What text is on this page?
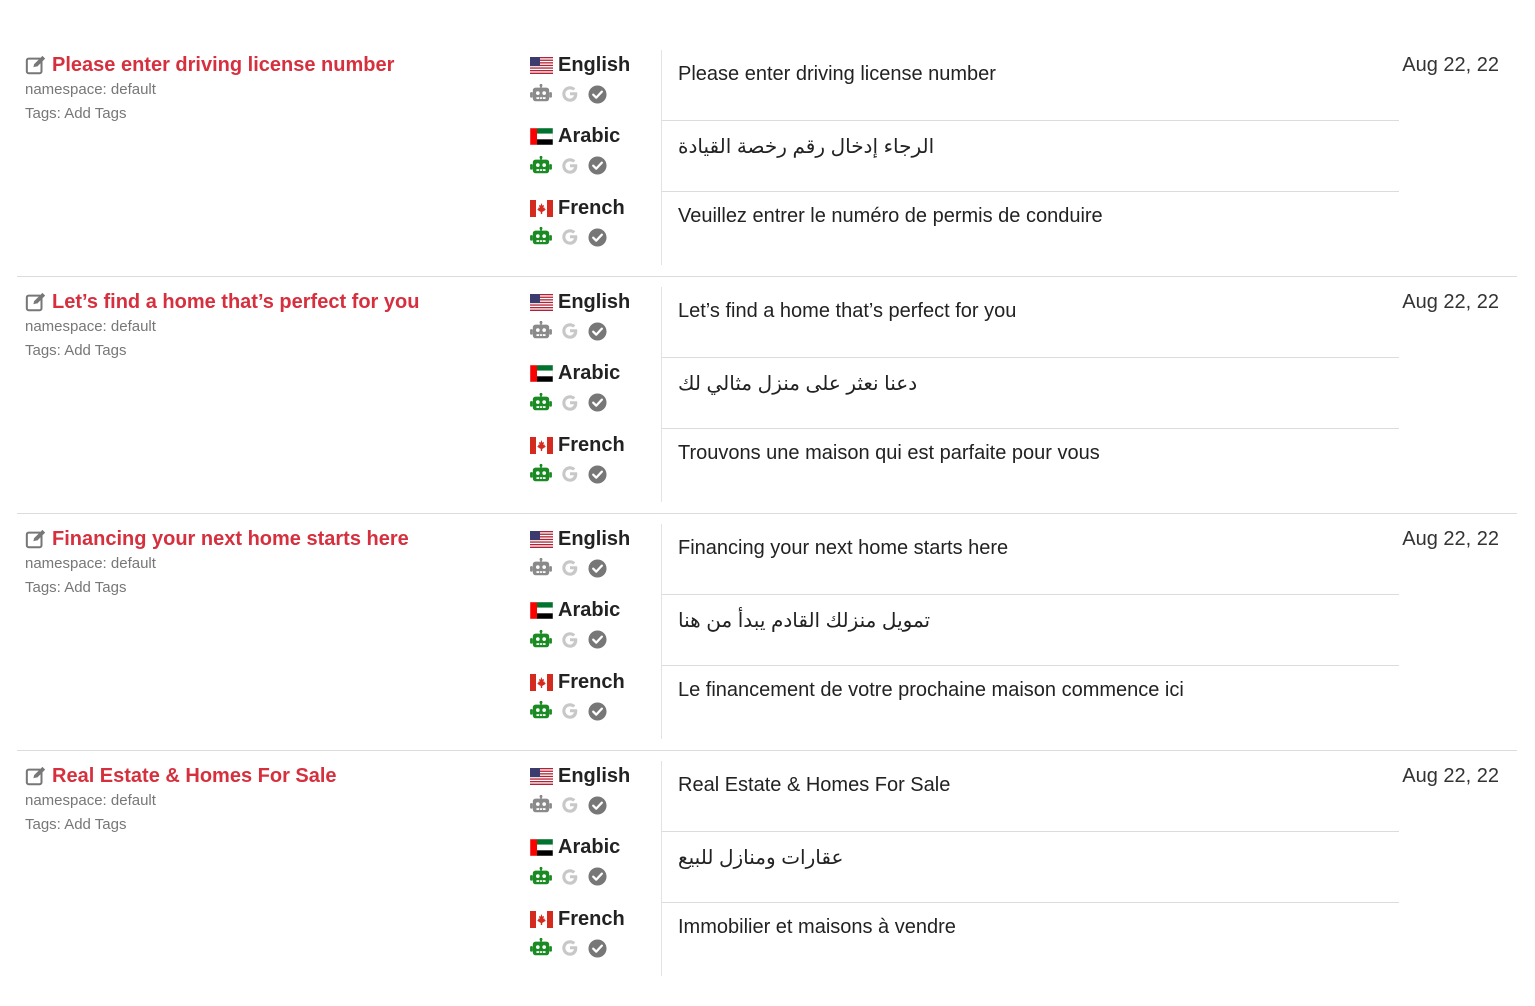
Please enter driving license number
namespace: default
Tags: Add Tags
English
Arabic
French
Please enter driving license number
الرجاء إدخال رقم رخصة القيادة
Veuillez entrer le numéro de permis de conduire
Aug 22, 22
Let’s find a home that’s perfect for you
namespace: default
Tags: Add Tags
English
Arabic
French
Let’s find a home that’s perfect for you
دعنا نعثر على منزل مثالي لك
Trouvons une maison qui est parfaite pour vous
Aug 22, 22
Financing your next home starts here
namespace: default
Tags: Add Tags
English
Arabic
French
Financing your next home starts here
تمويل منزلك القادم يبدأ من هنا
Le financement de votre prochaine maison commence ici
Aug 22, 22
Real Estate & Homes For Sale
namespace: default
Tags: Add Tags
English
Arabic
French
Real Estate & Homes For Sale
عقارات ومنازل للبيع
Immobilier et maisons à vendre
Aug 22, 22
